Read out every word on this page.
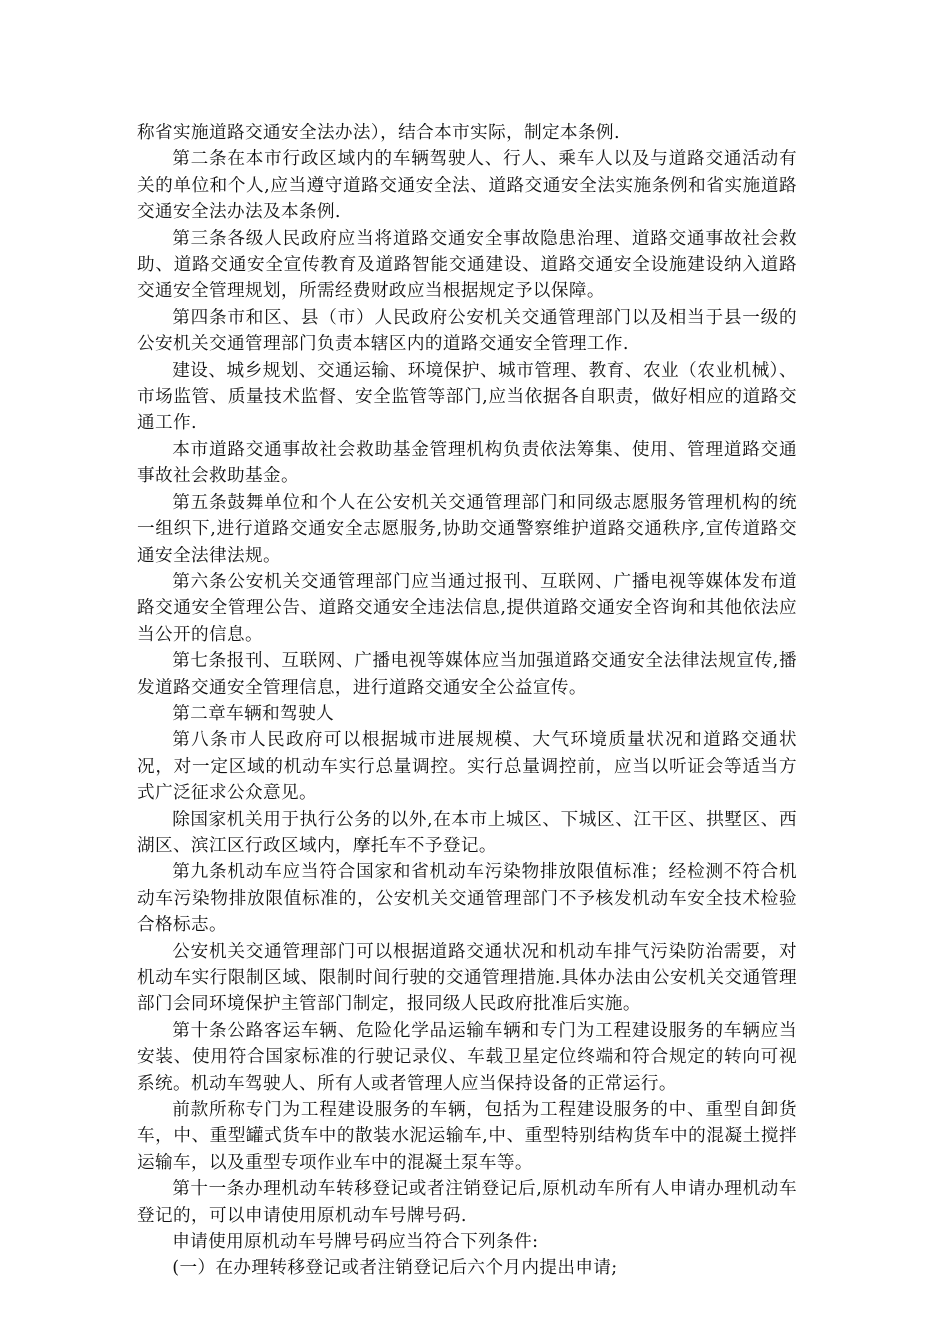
称省实施道路交通安全法办法），结合本市实际，制定本条例.

第二条在本市行政区域内的车辆驾驶人、行人、乘车人以及与道路交通活动有关的单位和个人,应当遵守道路交通安全法、道路交通安全法实施条例和省实施道路交通安全法办法及本条例.

第三条各级人民政府应当将道路交通安全事故隐患治理、道路交通事故社会救助、道路交通安全宣传教育及道路智能交通建设、道路交通安全设施建设纳入道路交通安全管理规划，所需经费财政应当根据规定予以保障。

第四条市和区、县（市）人民政府公安机关交通管理部门以及相当于县一级的公安机关交通管理部门负责本辖区内的道路交通安全管理工作.

建设、城乡规划、交通运输、环境保护、城市管理、教育、农业（农业机械）、市场监管、质量技术监督、安全监管等部门,应当依据各自职责，做好相应的道路交通工作.

本市道路交通事故社会救助基金管理机构负责依法筹集、使用、管理道路交通事故社会救助基金。

第五条鼓舞单位和个人在公安机关交通管理部门和同级志愿服务管理机构的统一组织下,进行道路交通安全志愿服务,协助交通警察维护道路交通秩序,宣传道路交通安全法律法规。

第六条公安机关交通管理部门应当通过报刊、互联网、广播电视等媒体发布道路交通安全管理公告、道路交通安全违法信息,提供道路交通安全咨询和其他依法应当公开的信息。

第七条报刊、互联网、广播电视等媒体应当加强道路交通安全法律法规宣传,播发道路交通安全管理信息，进行道路交通安全公益宣传。

第二章车辆和驾驶人

第八条市人民政府可以根据城市进展规模、大气环境质量状况和道路交通状况，对一定区域的机动车实行总量调控。实行总量调控前，应当以听证会等适当方式广泛征求公众意见。

除国家机关用于执行公务的以外,在本市上城区、下城区、江干区、拱墅区、西湖区、滨江区行政区域内，摩托车不予登记。

第九条机动车应当符合国家和省机动车污染物排放限值标准；经检测不符合机动车污染物排放限值标准的，公安机关交通管理部门不予核发机动车安全技术检验合格标志。

公安机关交通管理部门可以根据道路交通状况和机动车排气污染防治需要，对机动车实行限制区域、限制时间行驶的交通管理措施.具体办法由公安机关交通管理部门会同环境保护主管部门制定，报同级人民政府批准后实施。

第十条公路客运车辆、危险化学品运输车辆和专门为工程建设服务的车辆应当安装、使用符合国家标准的行驶记录仪、车载卫星定位终端和符合规定的转向可视系统。机动车驾驶人、所有人或者管理人应当保持设备的正常运行。

前款所称专门为工程建设服务的车辆，包括为工程建设服务的中、重型自卸货车，中、重型罐式货车中的散装水泥运输车,中、重型特别结构货车中的混凝土搅拌运输车，以及重型专项作业车中的混凝土泵车等。

第十一条办理机动车转移登记或者注销登记后,原机动车所有人申请办理机动车登记的，可以申请使用原机动车号牌号码.

申请使用原机动车号牌号码应当符合下列条件:

(一）在办理转移登记或者注销登记后六个月内提出申请;
